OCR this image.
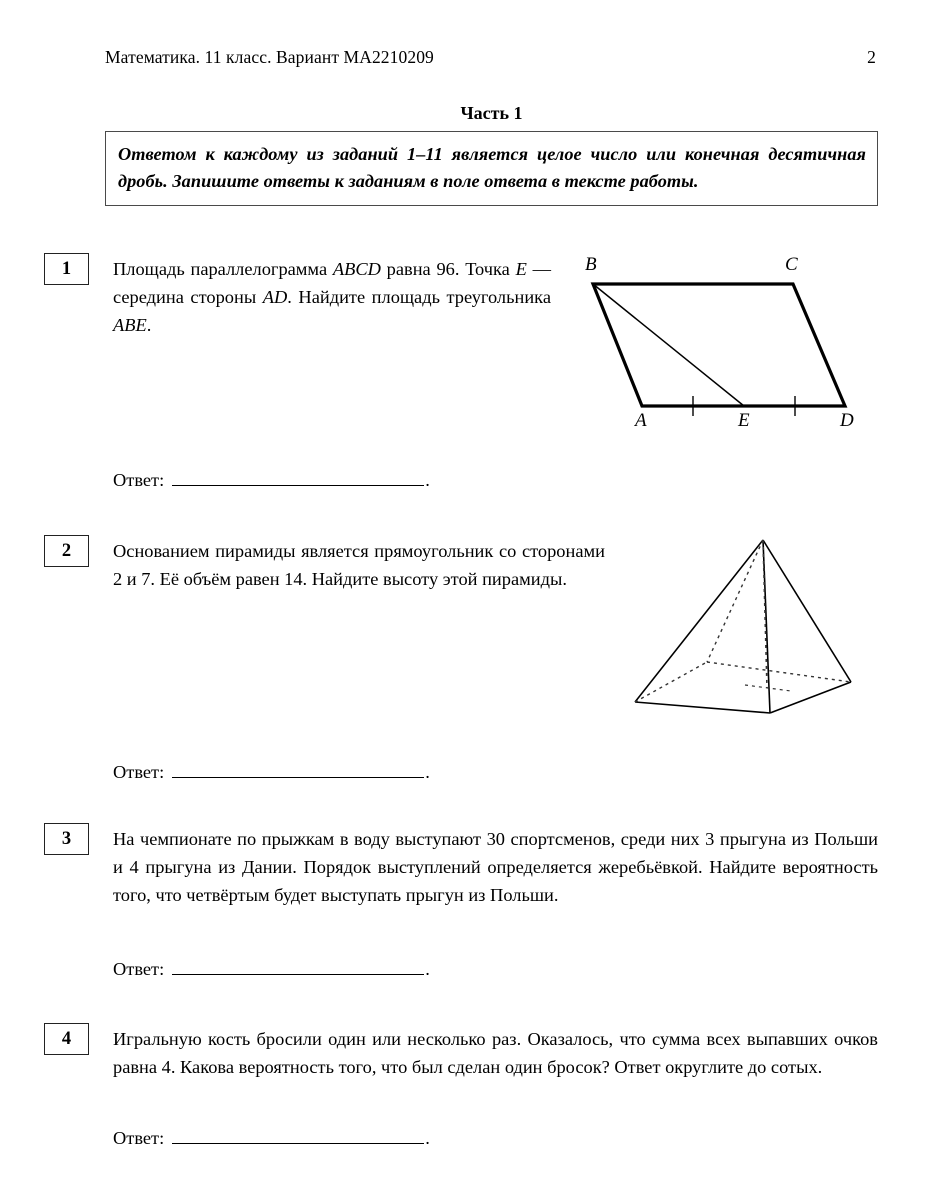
Математика. 11 класс. Вариант МА2210209	2
Часть 1
Ответом к каждому из заданий 1–11 является целое число или конечная десятичная дробь. Запишите ответы к заданиям в поле ответа в тексте работы.
1	Площадь параллелограмма ABCD равна 96. Точка E — середина стороны AD. Найдите площадь треугольника ABE.
B	C
A	E	D
Ответ:	.
2	Основанием пирамиды является прямоугольник со сторонами 2 и 7. Её объём равен 14. Найдите высоту этой пирамиды.
Ответ:	.
3	На чемпионате по прыжкам в воду выступают 30 спортсменов, среди них 3 прыгуна из Польши и 4 прыгуна из Дании. Порядок выступлений определяется жеребьёвкой. Найдите вероятность того, что четвёртым будет выступать прыгун из Польши.
Ответ:	.
4	Игральную кость бросили один или несколько раз. Оказалось, что сумма всех выпавших очков равна 4. Какова вероятность того, что был сделан один бросок? Ответ округлите до сотых.
Ответ:	.
